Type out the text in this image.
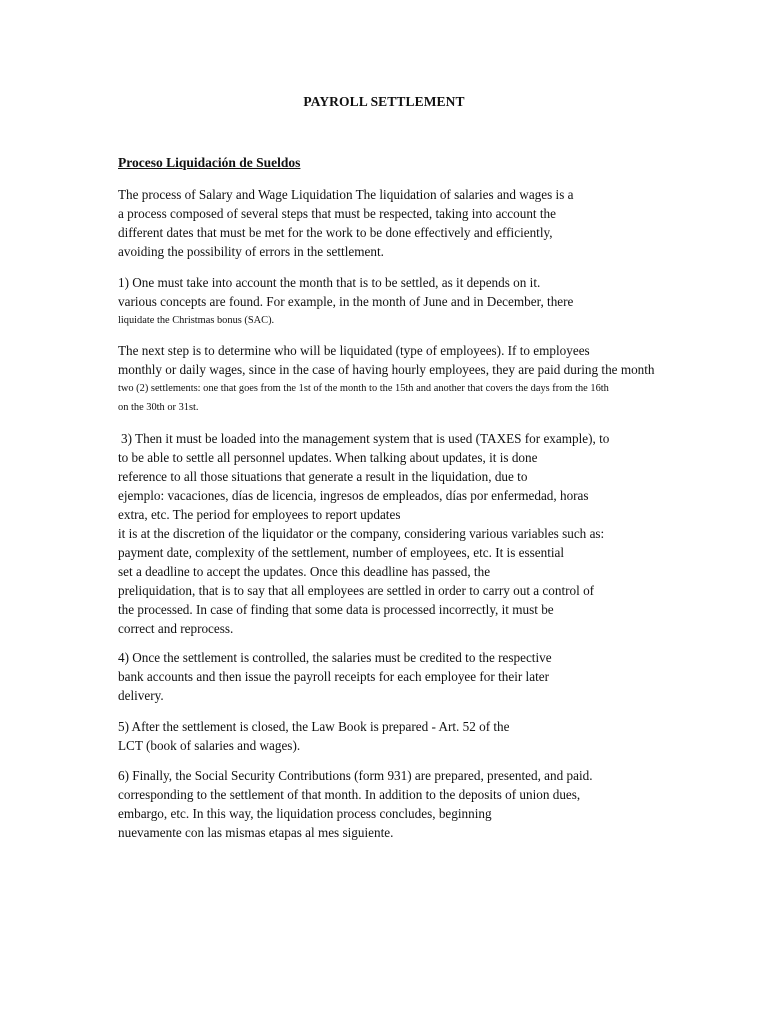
PAYROLL SETTLEMENT
Proceso Liquidación de Sueldos
The process of Salary and Wage Liquidation The liquidation of salaries and wages is a
a process composed of several steps that must be respected, taking into account the
different dates that must be met for the work to be done effectively and efficiently,
avoiding the possibility of errors in the settlement.
1) One must take into account the month that is to be settled, as it depends on it.
various concepts are found. For example, in the month of June and in December, there
liquidate the Christmas bonus (SAC).
The next step is to determine who will be liquidated (type of employees). If to employees
monthly or daily wages, since in the case of having hourly employees, they are paid during the month
two (2) settlements: one that goes from the 1st of the month to the 15th and another that covers the days from the 16th
on the 30th or 31st.
3) Then it must be loaded into the management system that is used (TAXES for example), to
to be able to settle all personnel updates. When talking about updates, it is done
reference to all those situations that generate a result in the liquidation, due to
ejemplo: vacaciones, días de licencia, ingresos de empleados, días por enfermedad, horas
extra, etc. The period for employees to report updates
it is at the discretion of the liquidator or the company, considering various variables such as:
payment date, complexity of the settlement, number of employees, etc. It is essential
set a deadline to accept the updates. Once this deadline has passed, the
preliquidation, that is to say that all employees are settled in order to carry out a control of
the processed. In case of finding that some data is processed incorrectly, it must be
correct and reprocess.
4) Once the settlement is controlled, the salaries must be credited to the respective
bank accounts and then issue the payroll receipts for each employee for their later
delivery.
5) After the settlement is closed, the Law Book is prepared - Art. 52 of the
LCT (book of salaries and wages).
6) Finally, the Social Security Contributions (form 931) are prepared, presented, and paid.
corresponding to the settlement of that month. In addition to the deposits of union dues,
embargo, etc. In this way, the liquidation process concludes, beginning
nuevamente con las mismas etapas al mes siguiente.
